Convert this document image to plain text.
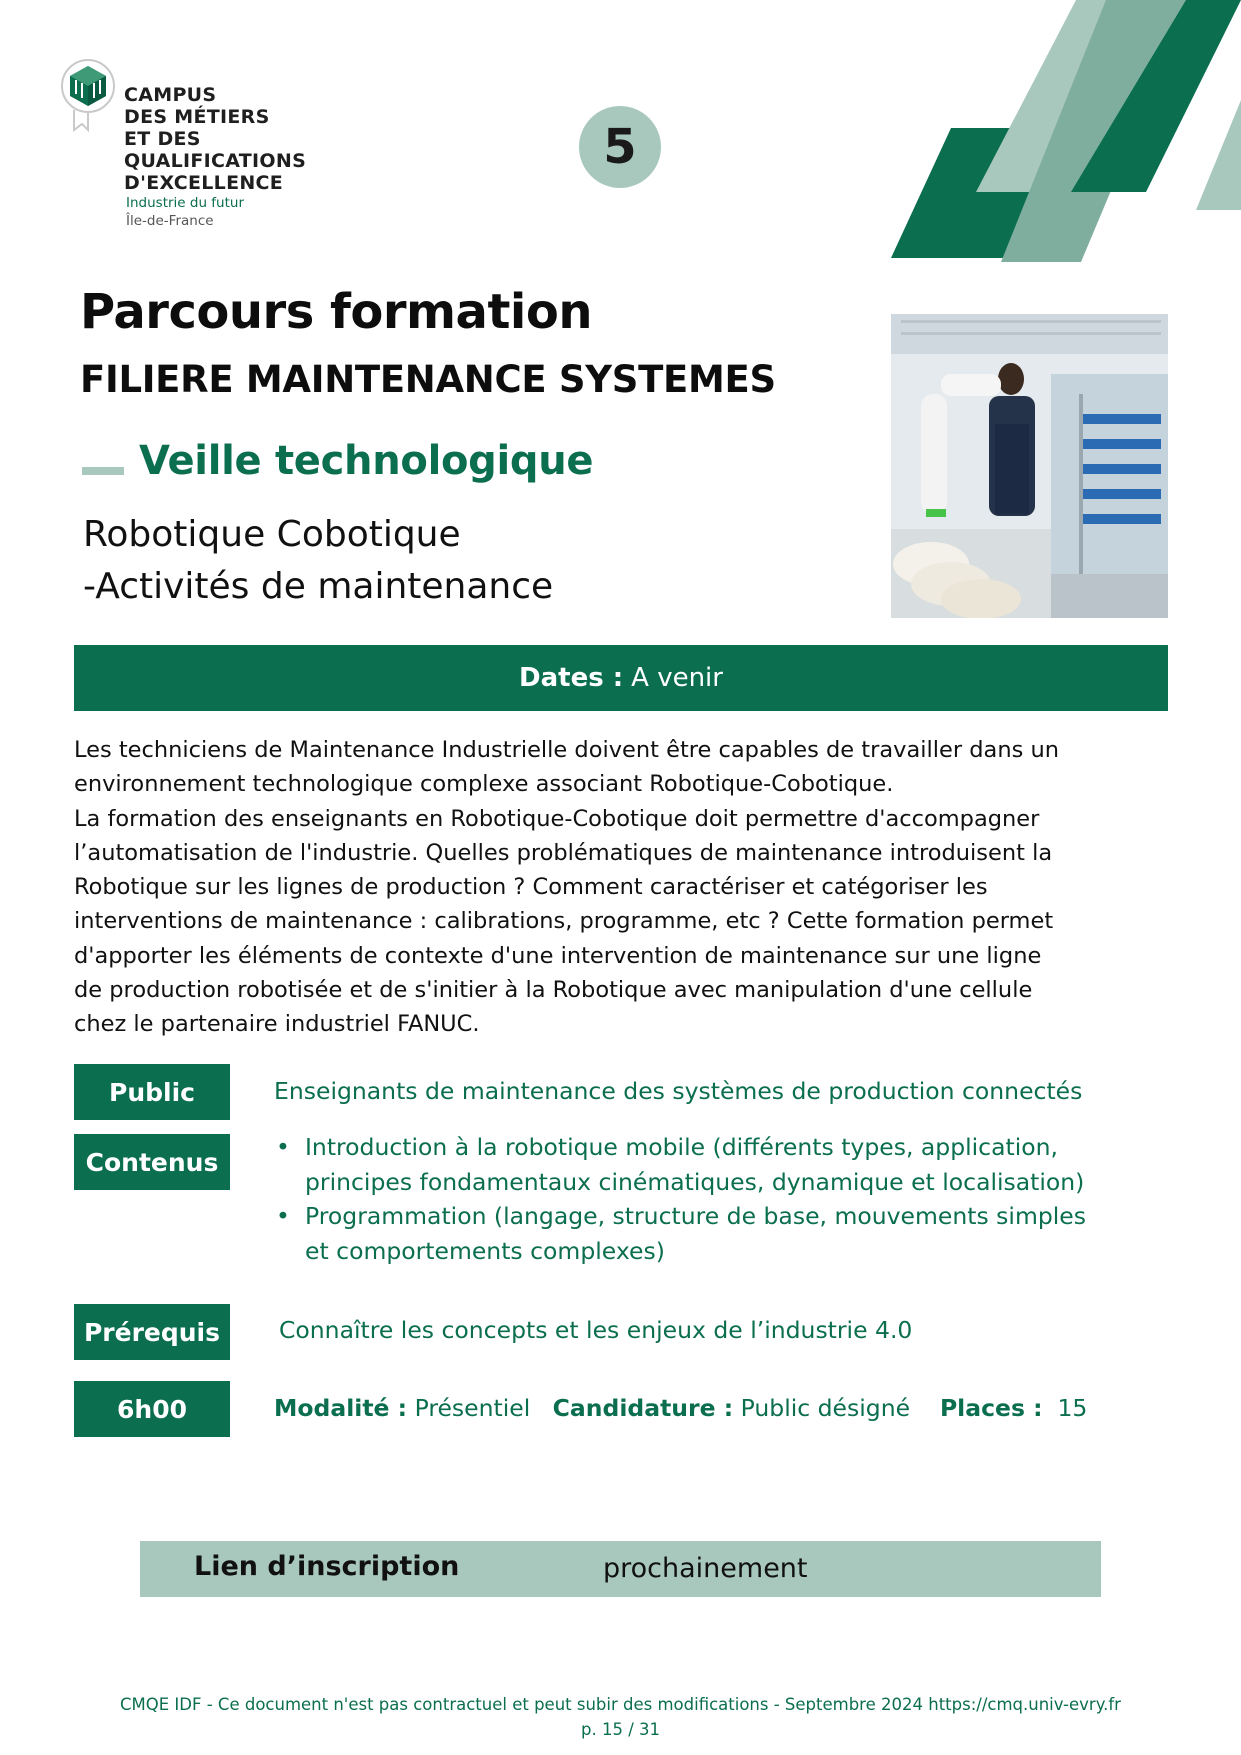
CAMPUS
DES MÉTIERS
ET DES
QUALIFICATIONS
D'EXCELLENCE
Industrie du futur
Île-de-France
5
Parcours formation
FILIERE MAINTENANCE SYSTEMES
Veille technologique
Robotique Cobotique
-Activités de maintenance
Dates : A venir

Les techniciens de Maintenance Industrielle doivent être capables de travailler dans un

environnement technologique complexe associant Robotique-Cobotique.

La formation des enseignants en Robotique-Cobotique doit permettre d'accompagner

l’automatisation de l'industrie. Quelles problématiques de maintenance introduisent la

Robotique sur les lignes de production ? Comment caractériser et catégoriser les

interventions de maintenance : calibrations, programme, etc ? Cette formation permet

d'apporter les éléments de contexte d'une intervention de maintenance sur une ligne

de production robotisée et de s'initier à la Robotique avec manipulation d'une cellule

chez le partenaire industriel FANUC.

Public	Enseignants de maintenance des systèmes de production connectés
Contenus
• Introduction à la robotique mobile (différents types, application,
principes fondamentaux cinématiques, dynamique et localisation)
• Programmation (langage, structure de base, mouvements simples
et comportements complexes)
Prérequis	Connaître les concepts et les enjeux de l’industrie 4.0
6h00	Modalité : Présentiel Candidature : Public désigné Places : 15
Lien d’inscription	prochainement
CMQE IDF - Ce document n'est pas contractuel et peut subir des modifications - Septembre 2024 https://cmq.univ-evry.fr
p. 15 / 31
